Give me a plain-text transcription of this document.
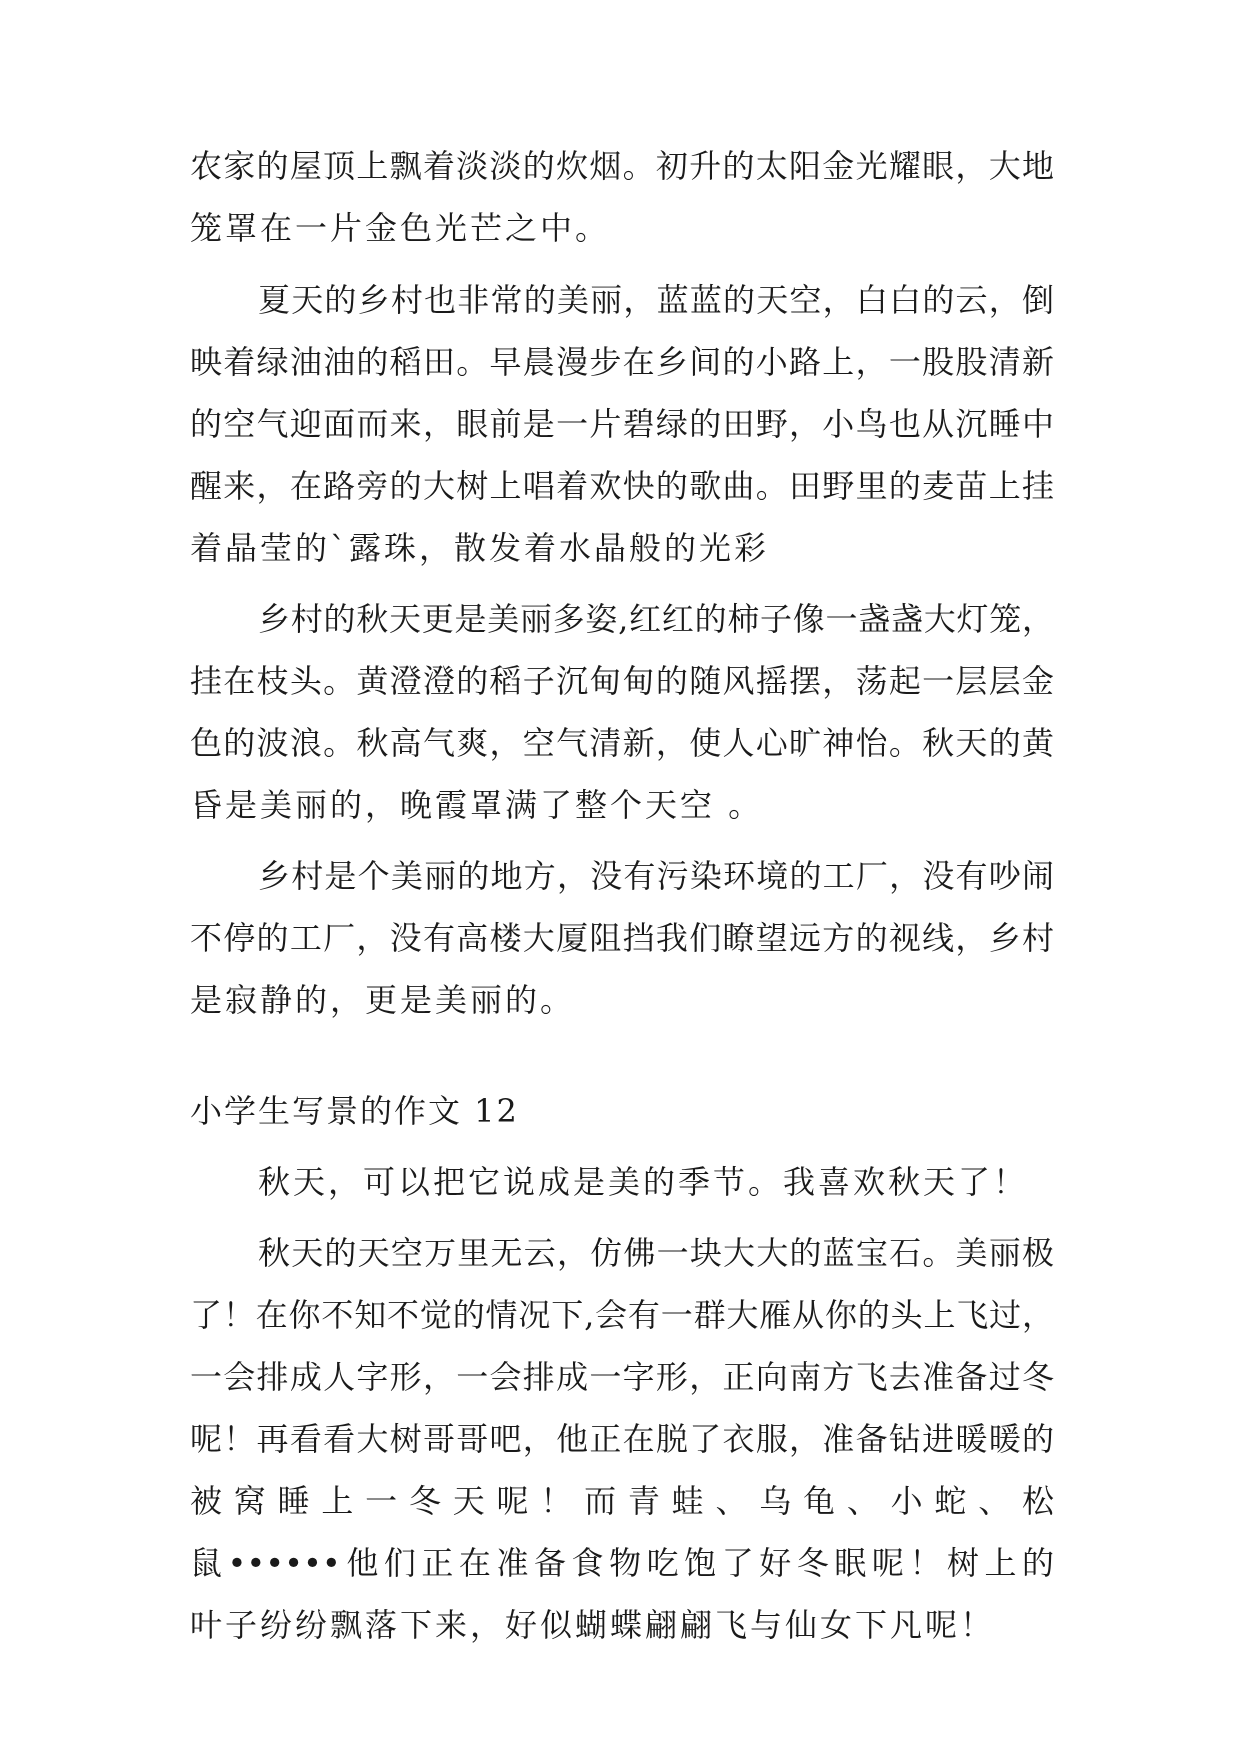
农家的屋顶上飘着淡淡的炊烟。初升的太阳金光耀眼，大地
笼罩在一片金色光芒之中。
夏天的乡村也非常的美丽，蓝蓝的天空，白白的云，倒
映着绿油油的稻田。早晨漫步在乡间的小路上，一股股清新
的空气迎面而来，眼前是一片碧绿的田野，小鸟也从沉睡中
醒来，在路旁的大树上唱着欢快的歌曲。田野里的麦苗上挂
着晶莹的`露珠，散发着水晶般的光彩
乡村的秋天更是美丽多姿,红红的柿子像一盏盏大灯笼，
挂在枝头。黄澄澄的稻子沉甸甸的随风摇摆，荡起一层层金
色的波浪。秋高气爽，空气清新，使人心旷神怡。秋天的黄
昏是美丽的，晚霞罩满了整个天空 。
乡村是个美丽的地方，没有污染环境的工厂，没有吵闹
不停的工厂，没有高楼大厦阻挡我们瞭望远方的视线，乡村
是寂静的，更是美丽的。
小学生写景的作文 12
秋天，可以把它说成是美的季节。我喜欢秋天了！
秋天的天空万里无云，仿佛一块大大的蓝宝石。美丽极
了！在你不知不觉的情况下,会有一群大雁从你的头上飞过，
一会排成人字形，一会排成一字形，正向南方飞去准备过冬
呢！再看看大树哥哥吧，他正在脱了衣服，准备钻进暖暖的
被 窝 睡 上 一 冬 天 呢 ！ 而 青 蛙 、 乌 龟 、 小 蛇 、 松
鼠••••••他们正在准备食物吃饱了好冬眠呢！树上的
叶子纷纷飘落下来，好似蝴蝶翩翩飞与仙女下凡呢！
